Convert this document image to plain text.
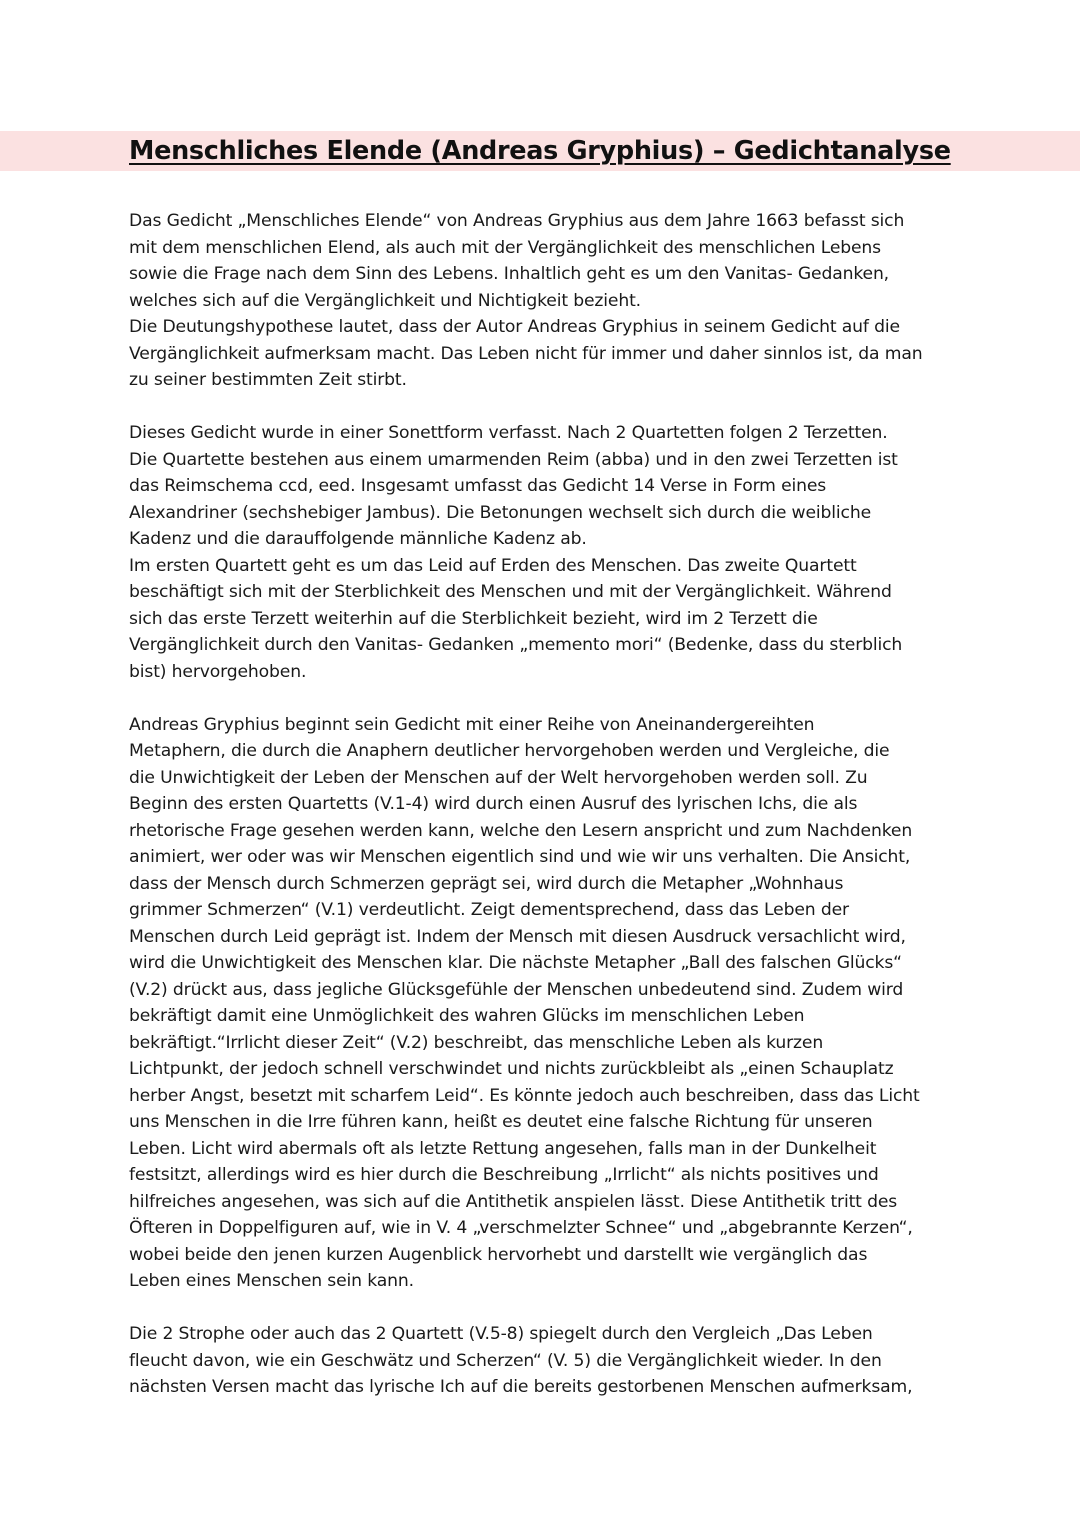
Menschliches Elende (Andreas Gryphius) – Gedichtanalyse
Das Gedicht „Menschliches Elende“ von Andreas Gryphius aus dem Jahre 1663 befasst sich
mit dem menschlichen Elend, als auch mit der Vergänglichkeit des menschlichen Lebens
sowie die Frage nach dem Sinn des Lebens. Inhaltlich geht es um den Vanitas- Gedanken,
welches sich auf die Vergänglichkeit und Nichtigkeit bezieht.
Die Deutungshypothese lautet, dass der Autor Andreas Gryphius in seinem Gedicht auf die
Vergänglichkeit aufmerksam macht. Das Leben nicht für immer und daher sinnlos ist, da man
zu seiner bestimmten Zeit stirbt.
Dieses Gedicht wurde in einer Sonettform verfasst. Nach 2 Quartetten folgen 2 Terzetten.
Die Quartette bestehen aus einem umarmenden Reim (abba) und in den zwei Terzetten ist
das Reimschema ccd, eed. Insgesamt umfasst das Gedicht 14 Verse in Form eines
Alexandriner (sechshebiger Jambus). Die Betonungen wechselt sich durch die weibliche
Kadenz und die darauffolgende männliche Kadenz ab.
Im ersten Quartett geht es um das Leid auf Erden des Menschen. Das zweite Quartett
beschäftigt sich mit der Sterblichkeit des Menschen und mit der Vergänglichkeit. Während
sich das erste Terzett weiterhin auf die Sterblichkeit bezieht, wird im 2 Terzett die
Vergänglichkeit durch den Vanitas- Gedanken „memento mori“ (Bedenke, dass du sterblich
bist) hervorgehoben.
Andreas Gryphius beginnt sein Gedicht mit einer Reihe von Aneinandergereihten
Metaphern, die durch die Anaphern deutlicher hervorgehoben werden und Vergleiche, die
die Unwichtigkeit der Leben der Menschen auf der Welt hervorgehoben werden soll. Zu
Beginn des ersten Quartetts (V.1-4) wird durch einen Ausruf des lyrischen Ichs, die als
rhetorische Frage gesehen werden kann, welche den Lesern anspricht und zum Nachdenken
animiert, wer oder was wir Menschen eigentlich sind und wie wir uns verhalten. Die Ansicht,
dass der Mensch durch Schmerzen geprägt sei, wird durch die Metapher „Wohnhaus
grimmer Schmerzen“ (V.1) verdeutlicht. Zeigt dementsprechend, dass das Leben der
Menschen durch Leid geprägt ist. Indem der Mensch mit diesen Ausdruck versachlicht wird,
wird die Unwichtigkeit des Menschen klar. Die nächste Metapher „Ball des falschen Glücks“
(V.2) drückt aus, dass jegliche Glücksgefühle der Menschen unbedeutend sind. Zudem wird
bekräftigt damit eine Unmöglichkeit des wahren Glücks im menschlichen Leben
bekräftigt.“Irrlicht dieser Zeit“ (V.2) beschreibt, das menschliche Leben als kurzen
Lichtpunkt, der jedoch schnell verschwindet und nichts zurückbleibt als „einen Schauplatz
herber Angst, besetzt mit scharfem Leid“. Es könnte jedoch auch beschreiben, dass das Licht
uns Menschen in die Irre führen kann, heißt es deutet eine falsche Richtung für unseren
Leben. Licht wird abermals oft als letzte Rettung angesehen, falls man in der Dunkelheit
festsitzt, allerdings wird es hier durch die Beschreibung „Irrlicht“ als nichts positives und
hilfreiches angesehen, was sich auf die Antithetik anspielen lässt. Diese Antithetik tritt des
Öfteren in Doppelfiguren auf, wie in V. 4 „verschmelzter Schnee“ und „abgebrannte Kerzen“,
wobei beide den jenen kurzen Augenblick hervorhebt und darstellt wie vergänglich das
Leben eines Menschen sein kann.
Die 2 Strophe oder auch das 2 Quartett (V.5-8) spiegelt durch den Vergleich „Das Leben
fleucht davon, wie ein Geschwätz und Scherzen“ (V. 5) die Vergänglichkeit wieder. In den
nächsten Versen macht das lyrische Ich auf die bereits gestorbenen Menschen aufmerksam,
